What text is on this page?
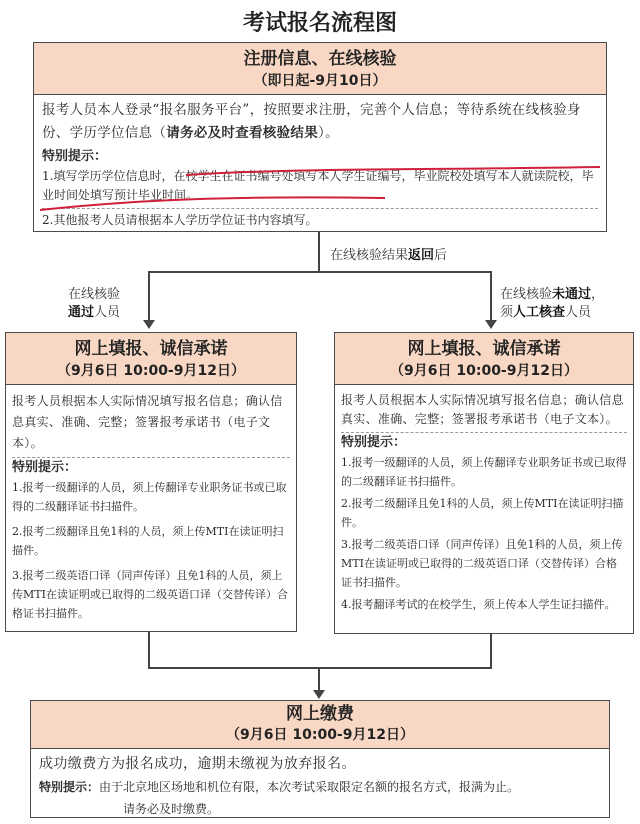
考试报名流程图
注册信息、在线核验
（即日起-9月10日）

报考人员本人登录“报名服务平台”，按照要求注册，完善个人信息；等待系统在线核验身份、学历学位信息（请务必及时查看核验结果）。

特别提示：

1.填写学历学位信息时，在校学生在证书编号处填写本人学生证编号，毕业院校处填写本人就读院校，毕业时间处填写预计毕业时间。

2.其他报考人员请根据本人学历学位证书内容填写。

在线核验结果返回后
在线核验
通过人员
在线核验未通过，
须人工核查人员
网上填报、诚信承诺
（9月6日 10:00-9月12日）

报考人员根据本人实际情况填写报名信息；确认信息真实、准确、完整；签署报考承诺书（电子文本）。

特别提示：

1.报考一级翻译的人员，须上传翻译专业职务证书或已取得的二级翻译证书扫描件。

2.报考二级翻译且免1科的人员，须上传MTI在读证明扫描件。

3.报考二级英语口译（同声传译）且免1科的人员，须上传MTI在读证明或已取得的二级英语口译（交替传译）合格证书扫描件。

网上填报、诚信承诺
（9月6日 10:00-9月12日）

报考人员根据本人实际情况填写报名信息；确认信息真实、准确、完整；签署报考承诺书（电子文本）。

特别提示：

1.报考一级翻译的人员，须上传翻译专业职务证书或已取得的二级翻译证书扫描件。

2.报考二级翻译且免1科的人员，须上传MTI在读证明扫描件。

3.报考二级英语口译（同声传译）且免1科的人员，须上传MTI在读证明或已取得的二级英语口译（交替传译）合格证书扫描件。

4.报考翻译考试的在校学生，须上传本人学生证扫描件。

网上缴费
（9月6日 10:00-9月12日）

成功缴费方为报名成功，逾期未缴视为放弃报名。

特别提示：由于北京地区场地和机位有限，本次考试采取限定名额的报名方式，报满为止。

请务必及时缴费。
